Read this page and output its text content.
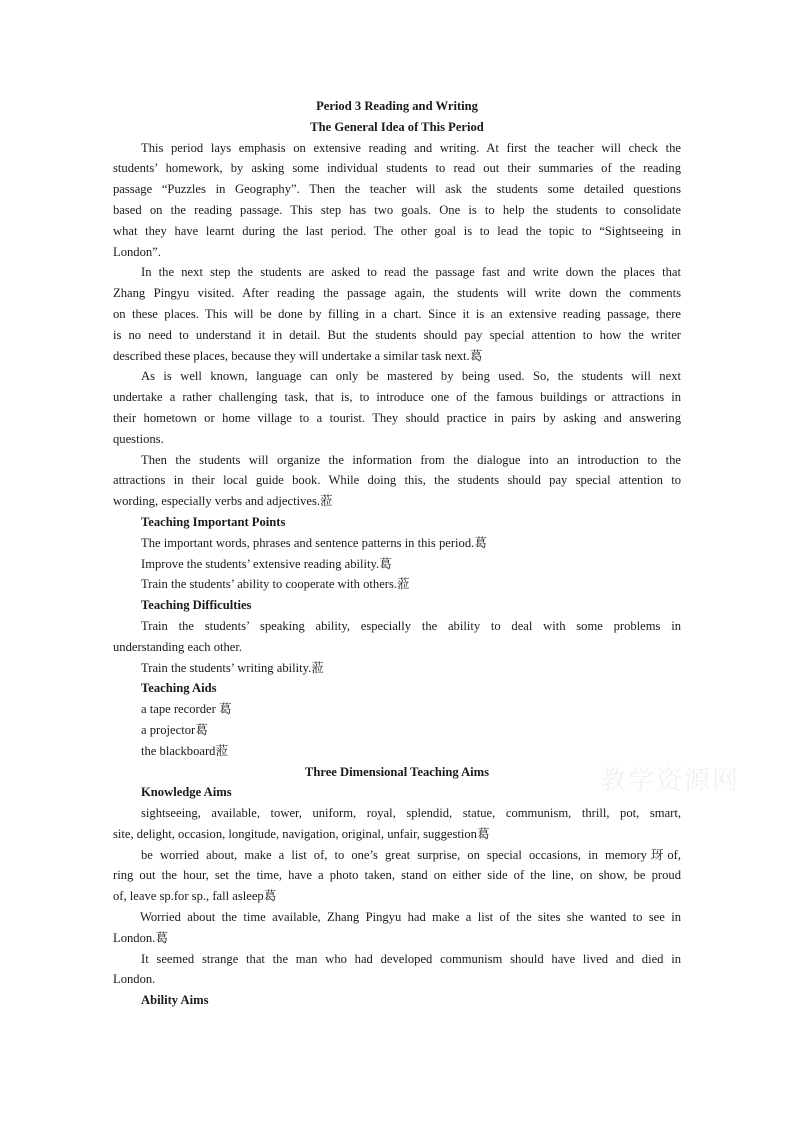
Period 3 Reading and Writing
The General Idea of This Period
This period lays emphasis on extensive reading and writing. At first the teacher will check the
students’ homework, by asking some individual students to read out their summaries of the reading
passage “Puzzles in Geography”. Then the teacher will ask the students some detailed questions
based on the reading passage. This step has two goals. One is to help the students to consolidate
what they have learnt during the last period. The other goal is to lead the topic to “Sightseeing in
London”.
In the next step the students are asked to read the passage fast and write down the places that
Zhang Pingyu visited. After reading the passage again, the students will write down the comments
on these places. This will be done by filling in a chart. Since it is an extensive reading passage, there
is no need to understand it in detail. But the students should pay special attention to how the writer
described these places, because they will undertake a similar task next.葛
As is well known, language can only be mastered by being used. So, the students will next
undertake a rather challenging task, that is, to introduce one of the famous buildings or attractions in
their hometown or home village to a tourist. They should practice in pairs by asking and answering
questions.
Then the students will organize the information from the dialogue into an introduction to the
attractions in their local guide book. While doing this, the students should pay special attention to
wording, especially verbs and adjectives.蒞
Teaching Important Points
The important words, phrases and sentence patterns in this period.葛
Improve the students’ extensive reading ability.葛
Train the students’ ability to cooperate with others.蒞
Teaching Difficulties
Train the students’ speaking ability, especially the ability to deal with some problems in
understanding each other.
Train the students’ writing ability.蒞
Teaching Aids
a tape recorder 葛
a projector葛
the blackboard蒞
Three Dimensional Teaching Aims
Knowledge Aims
sightseeing, available, tower, uniform, royal, splendid, statue, communism, thrill, pot, smart,
site, delight, occasion, longitude, navigation, original, unfair, suggestion葛
be worried about, make a list of, to one’s great surprise, on special occasions, in memory玡of,
ring out the hour, set the time, have a photo taken, stand on either side of the line, on show, be proud
of, leave sp.for sp., fall asleep葛
Worried about the time available, Zhang Pingyu had make a list of the sites she wanted to see in
London.葛
It seemed strange that the man who had developed communism should have lived and died in
London.
Ability Aims
教学资源网
